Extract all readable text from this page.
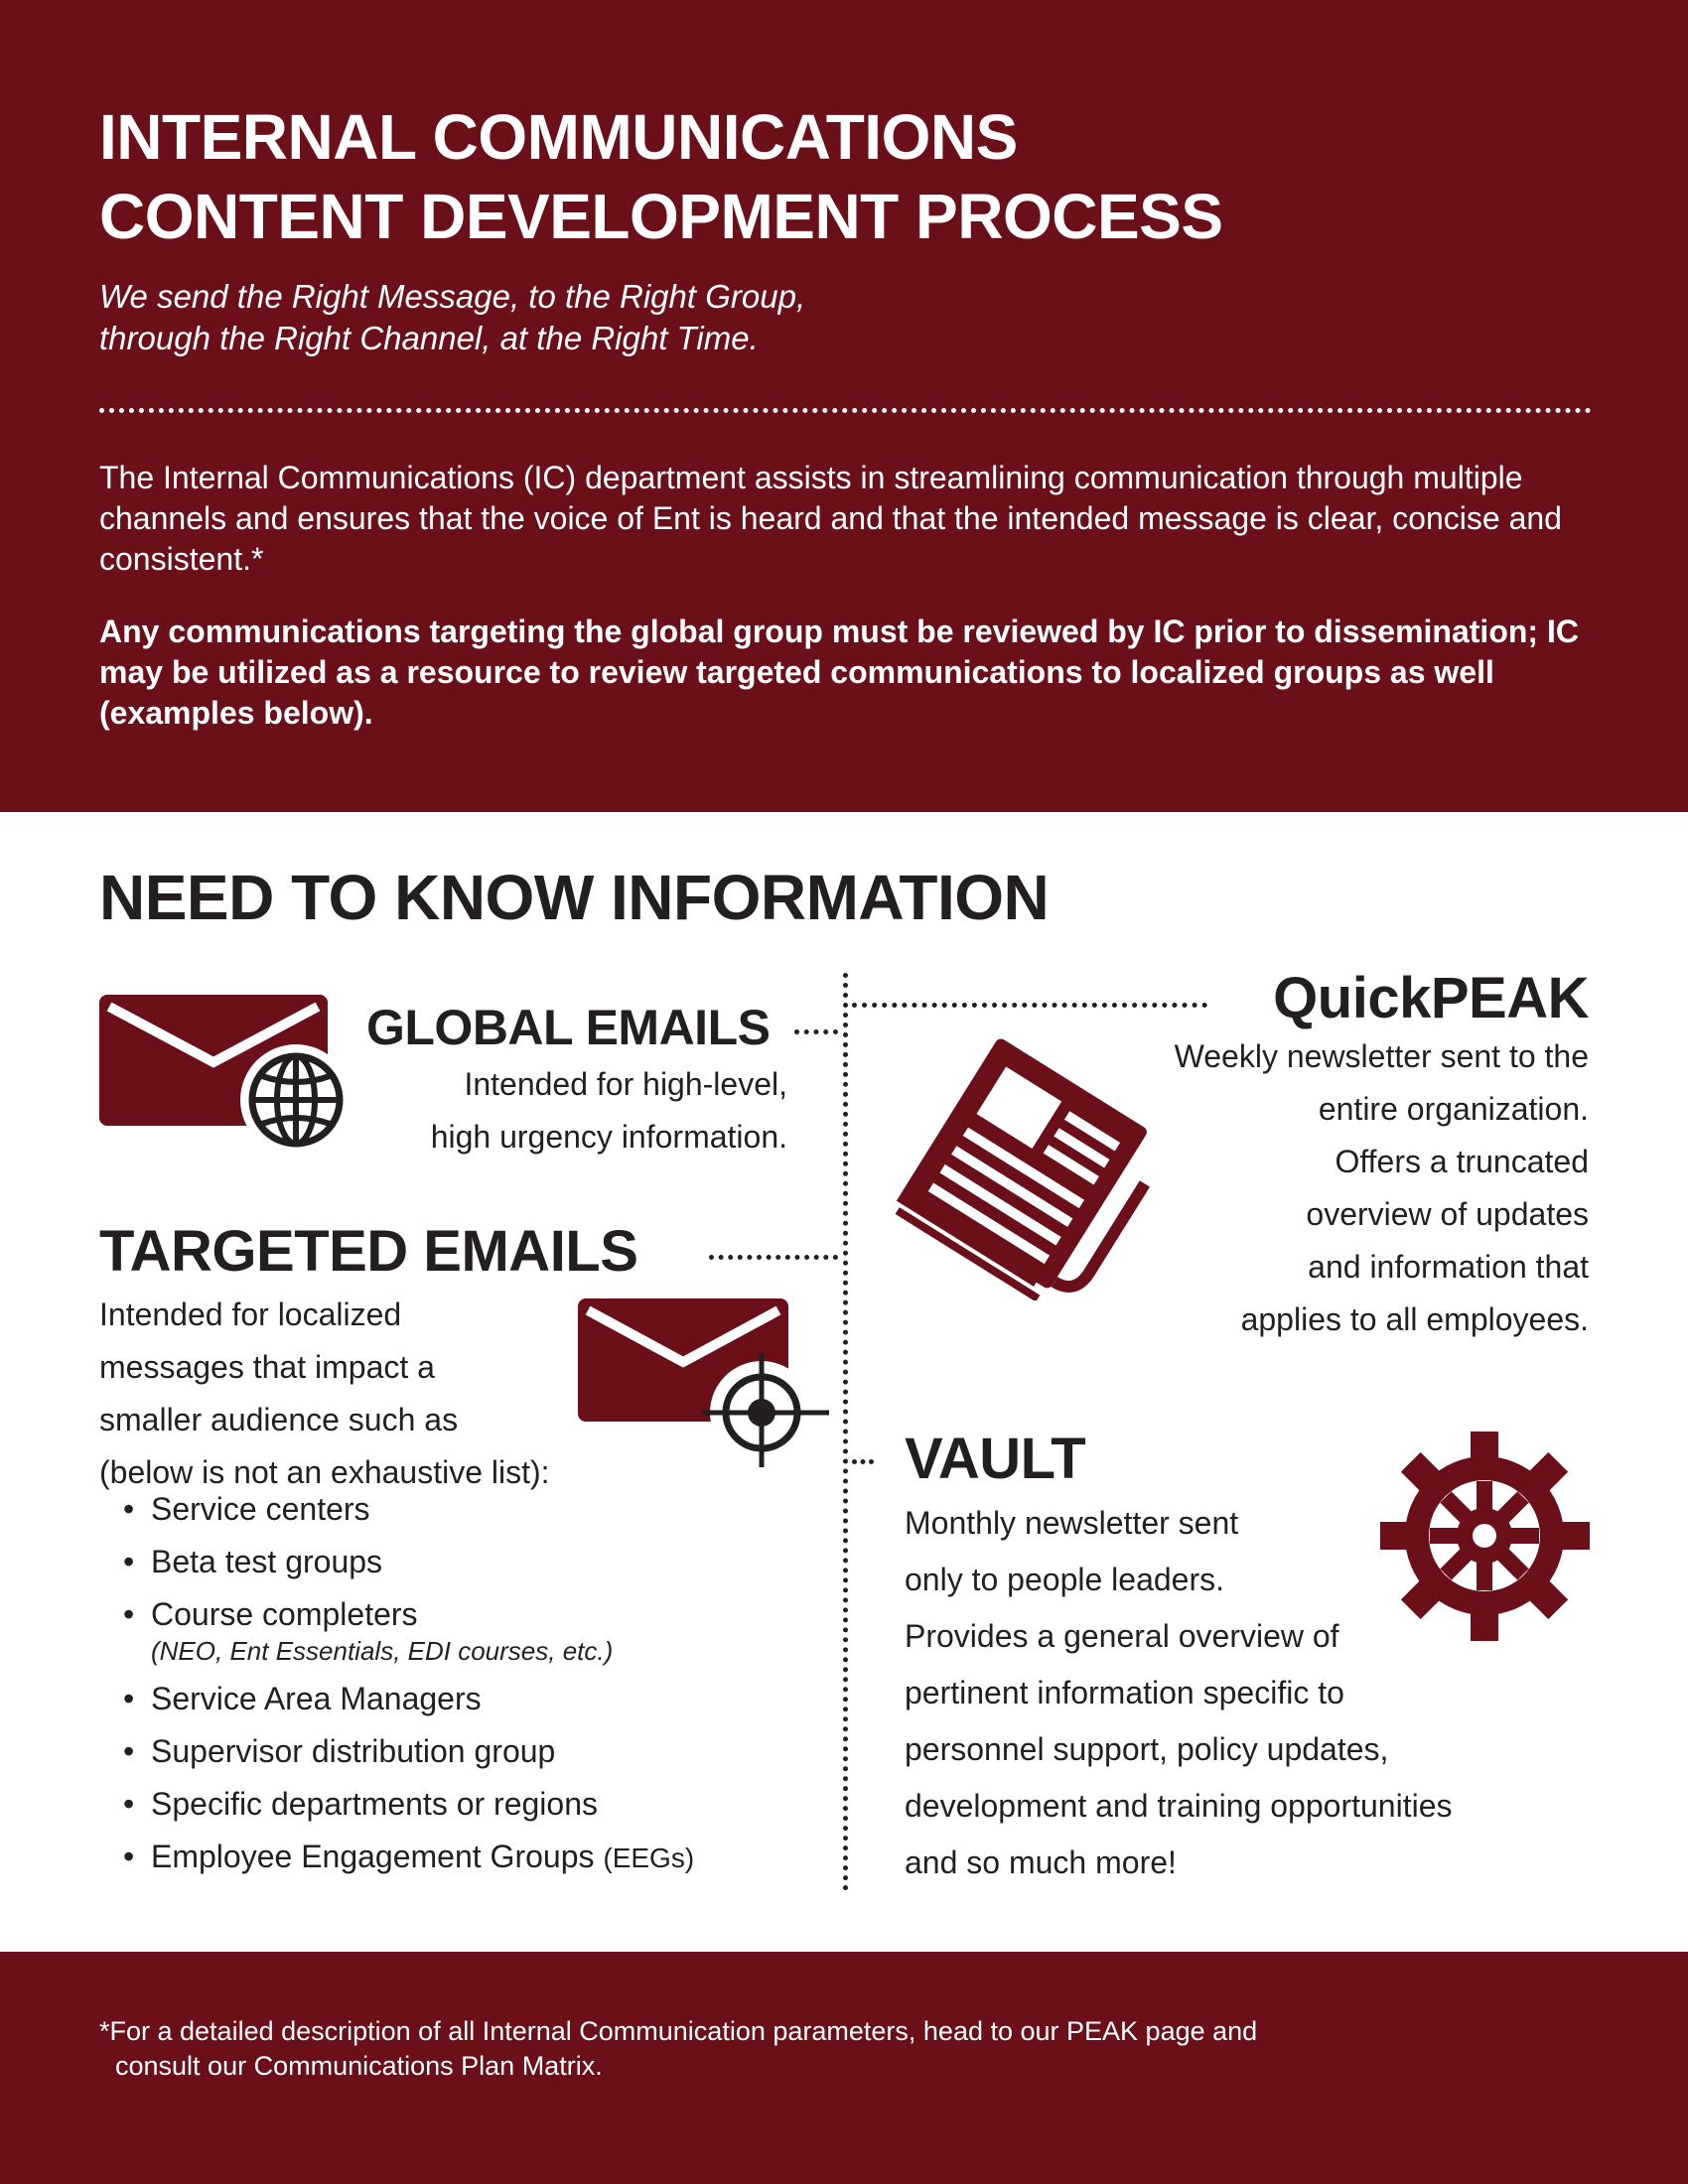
INTERNAL COMMUNICATIONS
CONTENT DEVELOPMENT PROCESS
We send the Right Message, to the Right Group,
through the Right Channel, at the Right Time.

The Internal Communications (IC) department assists in streamlining communication through multiple channels and ensures that the voice of Ent is heard and that the intended message is clear, concise and consistent.*

Any communications targeting the global group must be reviewed by IC prior to dissemination; IC may be utilized as a resource to review targeted communications to localized groups as well (examples below).
NEED TO KNOW INFORMATION
GLOBAL EMAILS
Intended for high-level,
high urgency information.
TARGETED EMAILS
Intended for localized
messages that impact a
smaller audience such as
(below is not an exhaustive list):
• Service centers
• Beta test groups
• Course completers
(NEO, Ent Essentials, EDI courses, etc.)
• Service Area Managers
• Supervisor distribution group
• Specific departments or regions
• Employee Engagement Groups (EEGs)
QuickPEAK
Weekly newsletter sent to the
entire organization.
Offers a truncated
overview of updates
and information that
applies to all employees.
VAULT
Monthly newsletter sent
only to people leaders.
Provides a general overview of
pertinent information specific to
personnel support, policy updates,
development and training opportunities
and so much more!
*For a detailed description of all Internal Communication parameters, head to our PEAK page and
consult our Communications Plan Matrix.
